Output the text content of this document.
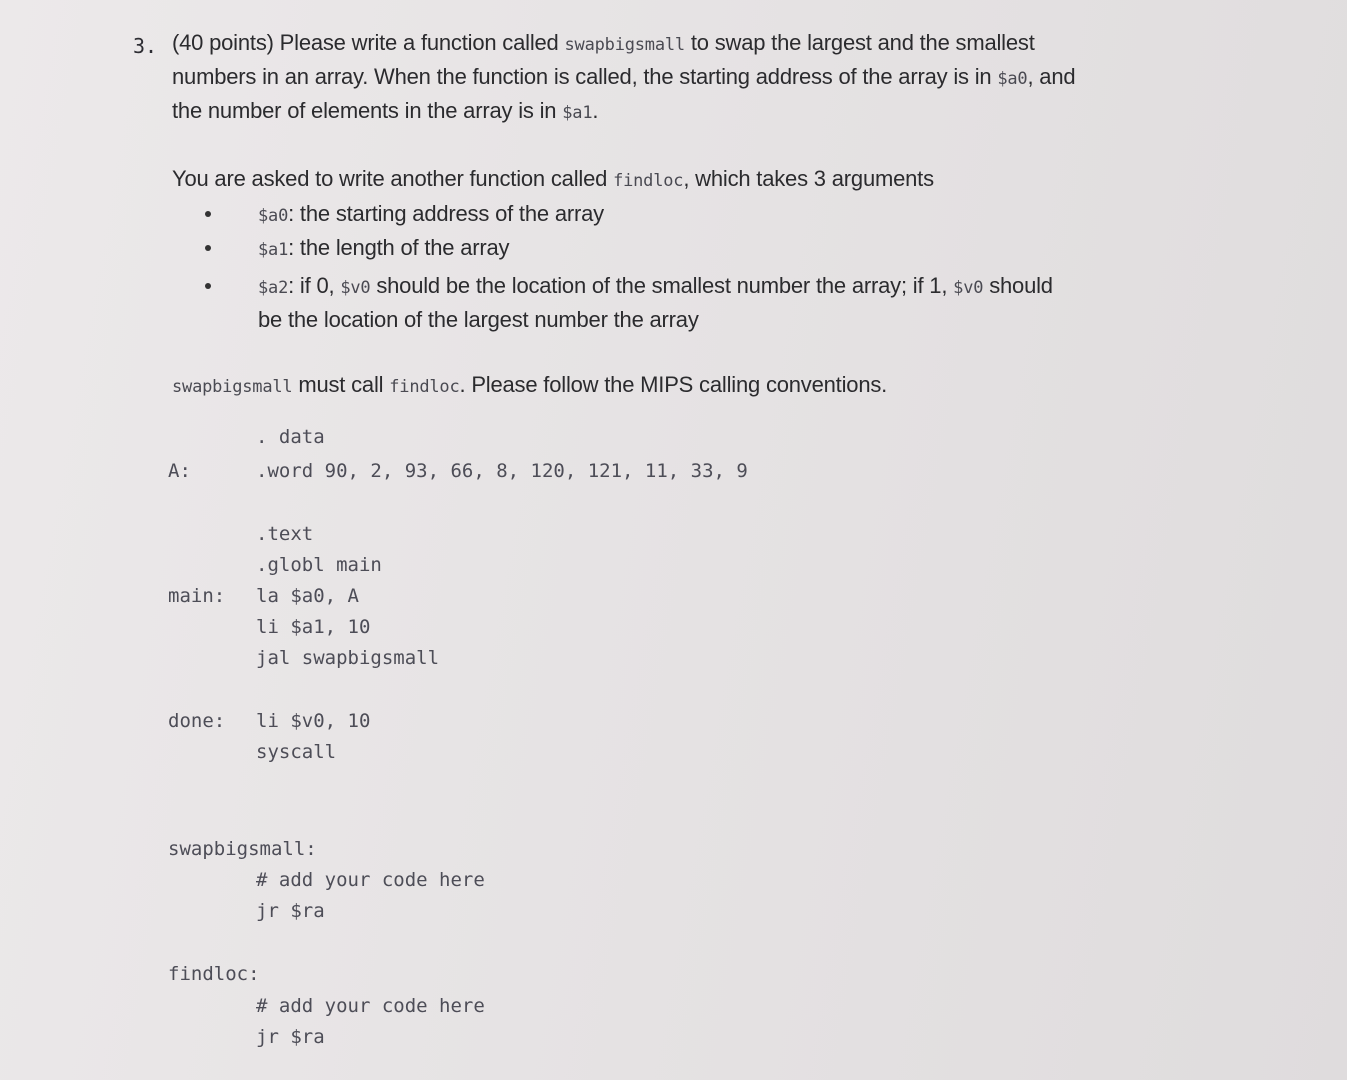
3. (40 points) Please write a function called swapbigsmall to swap the largest and the smallest
numbers in an array. When the function is called, the starting address of the array is in $a0, and
the number of elements in the array is in $a1.
You are asked to write another function called findloc, which takes 3 arguments
$a0: the starting address of the array
$a1: the length of the array
$a2: if 0, $v0 should be the location of the smallest number the array; if 1, $v0 should
be the location of the largest number the array
swapbigsmall must call findloc. Please follow the MIPS calling conventions.
. data
A:	.word 90, 2, 93, 66, 8, 120, 121, 11, 33, 9
.text
.globl main
main: la $a0, A
li $a1, 10
jal swapbigsmall
done: li $v0, 10
syscall
swapbigsmall:
# add your code here
jr $ra
findloc:
# add your code here
jr $ra
